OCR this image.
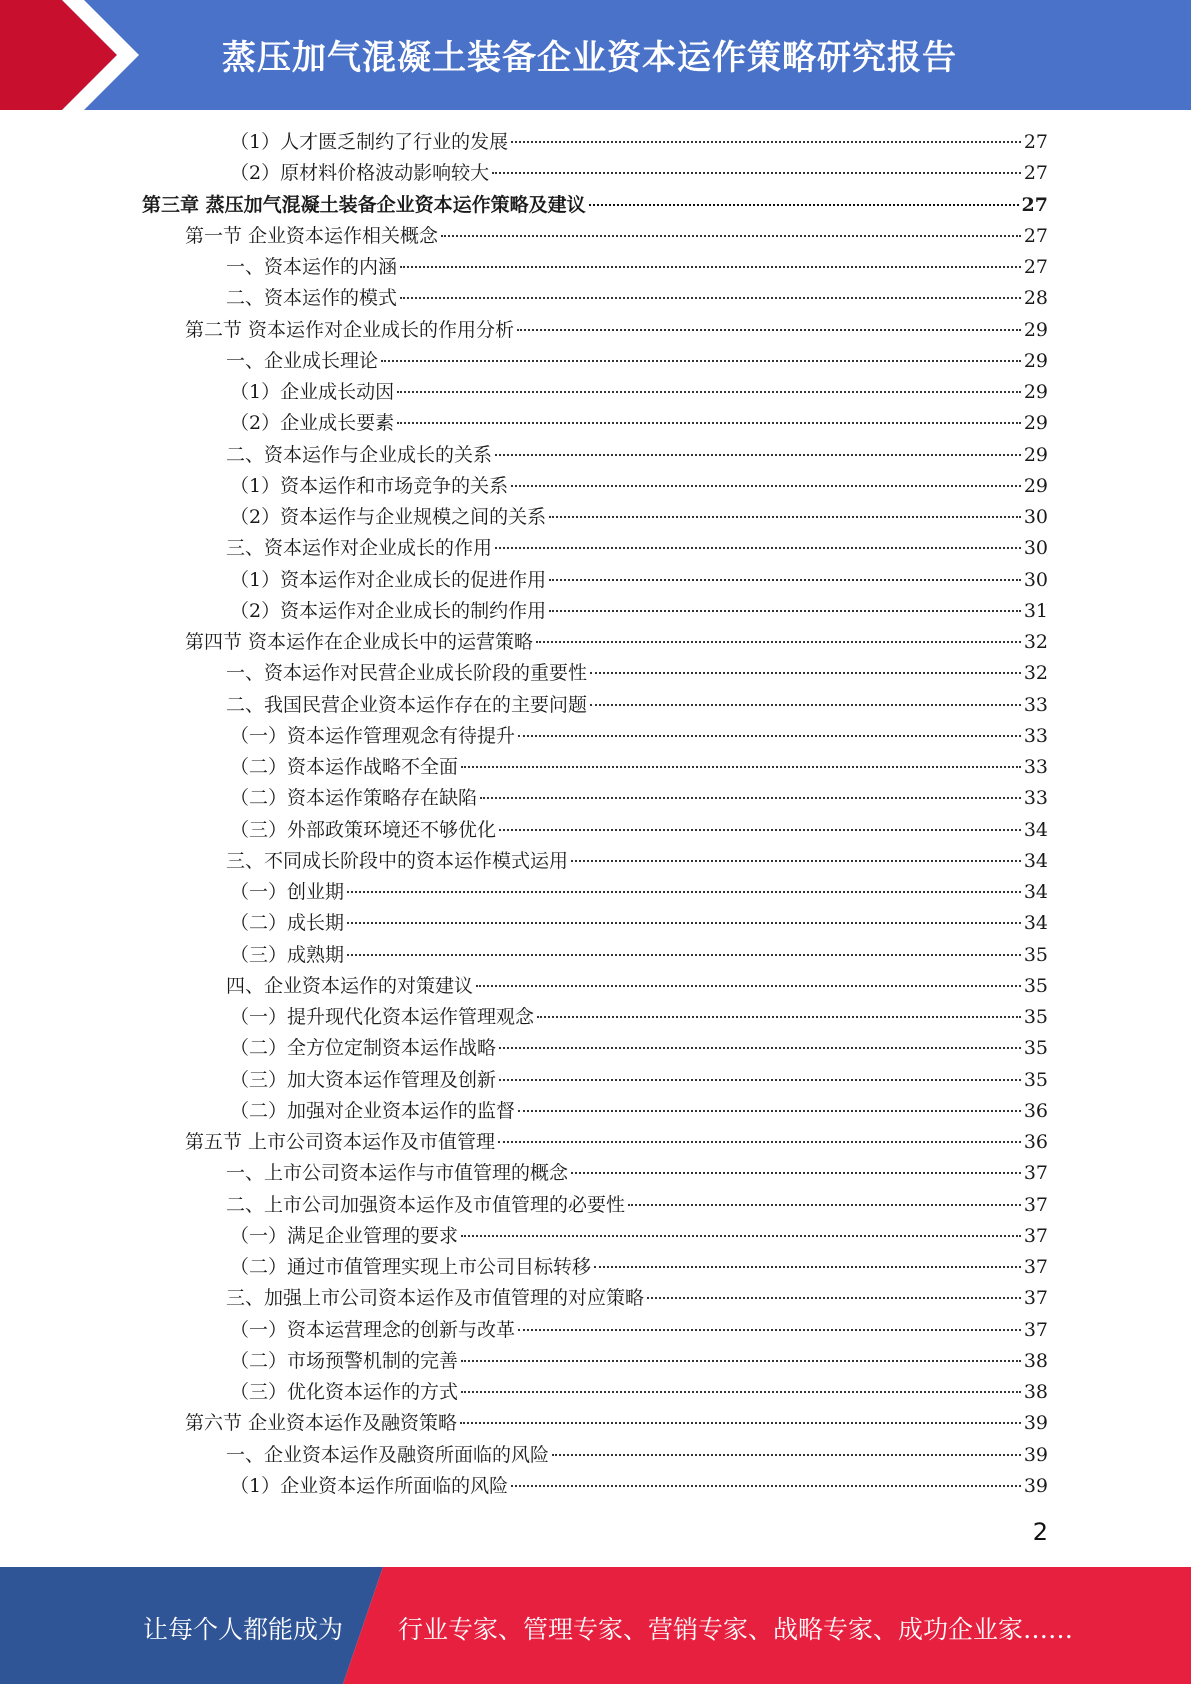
蒸压加气混凝土装备企业资本运作策略研究报告
（1）人才匮乏制约了行业的发展	27
（2）原材料价格波动影响较大	27
第三章 蒸压加气混凝土装备企业资本运作策略及建议	27
第一节 企业资本运作相关概念	27
一、资本运作的内涵	27
二、资本运作的模式	28
第二节 资本运作对企业成长的作用分析	29
一、企业成长理论	29
（1）企业成长动因	29
（2）企业成长要素	29
二、资本运作与企业成长的关系	29
（1）资本运作和市场竞争的关系	29
（2）资本运作与企业规模之间的关系	30
三、资本运作对企业成长的作用	30
（1）资本运作对企业成长的促进作用	30
（2）资本运作对企业成长的制约作用	31
第四节 资本运作在企业成长中的运营策略	32
一、资本运作对民营企业成长阶段的重要性	32
二、我国民营企业资本运作存在的主要问题	33
（一）资本运作管理观念有待提升	33
（二）资本运作战略不全面	33
（二）资本运作策略存在缺陷	33
（三）外部政策环境还不够优化	34
三、不同成长阶段中的资本运作模式运用	34
（一）创业期	34
（二）成长期	34
（三）成熟期	35
四、企业资本运作的对策建议	35
（一）提升现代化资本运作管理观念	35
（二）全方位定制资本运作战略	35
（三）加大资本运作管理及创新	35
（二）加强对企业资本运作的监督	36
第五节 上市公司资本运作及市值管理	36
一、上市公司资本运作与市值管理的概念	37
二、上市公司加强资本运作及市值管理的必要性	37
（一）满足企业管理的要求	37
（二）通过市值管理实现上市公司目标转移	37
三、加强上市公司资本运作及市值管理的对应策略	37
（一）资本运营理念的创新与改革	37
（二）市场预警机制的完善	38
（三）优化资本运作的方式	38
第六节 企业资本运作及融资策略	39
一、企业资本运作及融资所面临的风险	39
（1）企业资本运作所面临的风险	39
2
让每个人都能成为 行业专家、管理专家、营销专家、战略专家、成功企业家……
